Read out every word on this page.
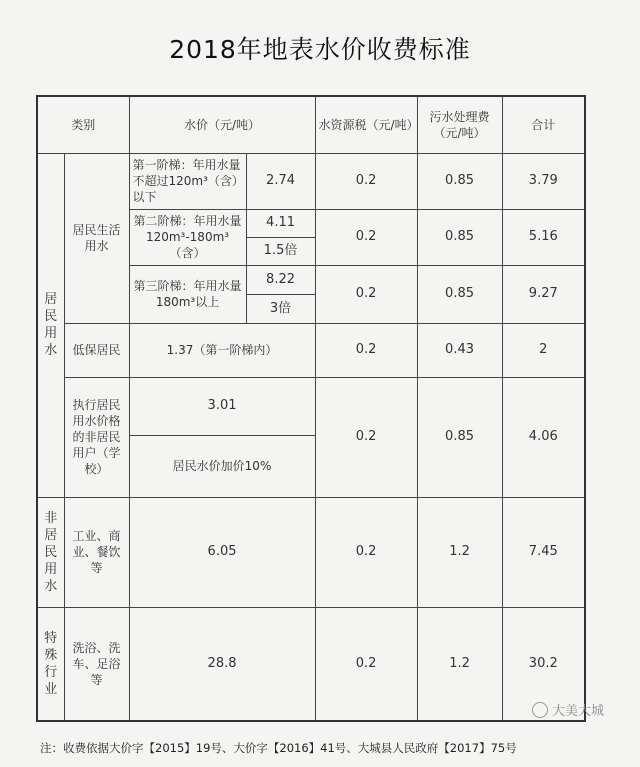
2018年地表水价收费标准
类别		水价（元/吨）		水资源税（元/吨）	污水处理费（元/吨）	合计
居民用水	居民生活用水	第一阶梯：年用水量不超过120m³（含）以下	2.74	0.2	0.85	3.79
		第二阶梯：年用水量120m³-180m³（含）	4.11	0.2	0.85	5.16
			1.5倍			
		第三阶梯：年用水量180m³以上	8.22	0.2	0.85	9.27
			3倍			
	低保居民	1.37（第一阶梯内）		0.2	0.43	2
	执行居民用水价格的非居民用户（学校）	3.01		0.2	0.85	4.06
		居民水价加价10%				
非居民用水	工业、商业、餐饮等	6.05		0.2	1.2	7.45
特殊行业	洗浴、洗车、足浴等	28.8		0.2	1.2	30.2
大美大城
注：收费依据大价字【2015】19号、大价字【2016】41号、大城县人民政府【2017】75号
